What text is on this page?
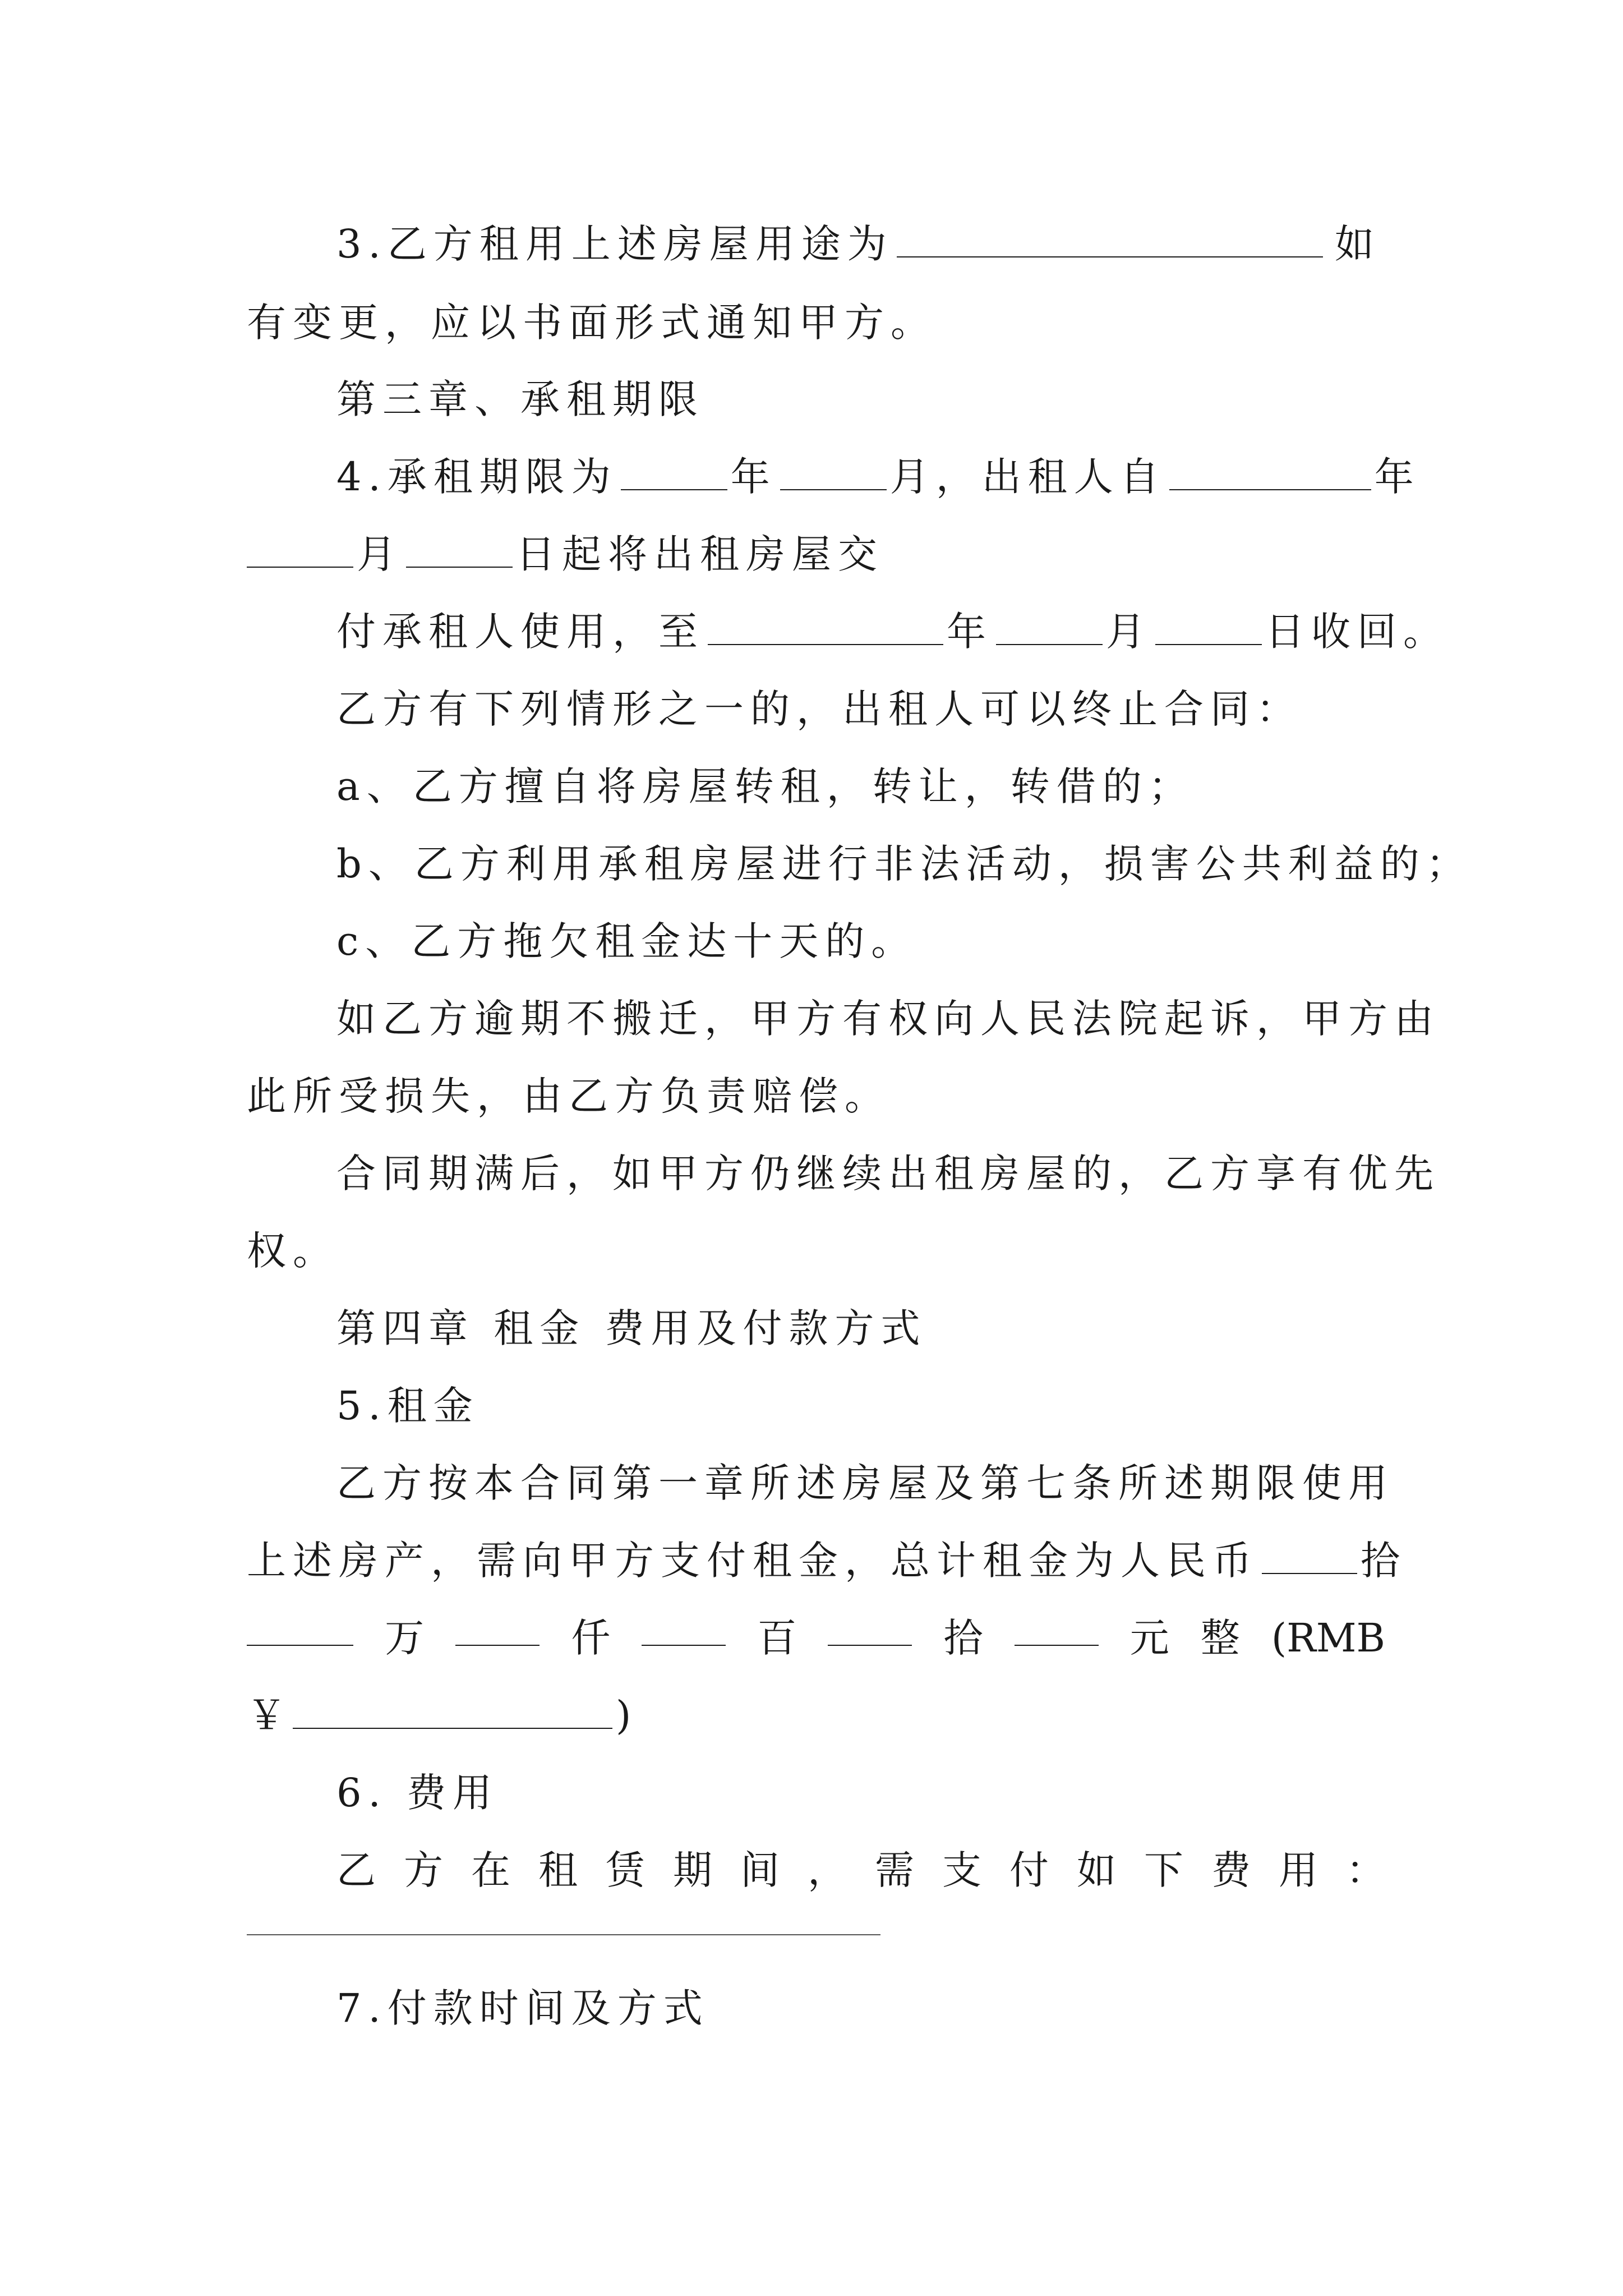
3.乙方租用上述房屋用途为	如
有变更，应以书面形式通知甲方。
第三章、承租期限
4.承租期限为	年	月，出租人自	年
月	日起将出租房屋交
付承租人使用，至	年	月	日收回。
乙方有下列情形之一的，出租人可以终止合同：
a、乙方擅自将房屋转租，转让，转借的；
b、乙方利用承租房屋进行非法活动，损害公共利益的；
c、乙方拖欠租金达十天的。
如乙方逾期不搬迁，甲方有权向人民法院起诉，甲方由
此所受损失，由乙方负责赔偿。
合同期满后，如甲方仍继续出租房屋的，乙方享有优先
权。
第四章 租金 费用及付款方式
5.租金
乙方按本合同第一章所述房屋及第七条所述期限使用
上述房产，需向甲方支付租金，总计租金为人民币	拾
万	仟	百	拾	元 整 (RMB
￥	)
6. 费用
乙 方 在 租 赁 期 间 ， 需 支 付 如 下 费 用 ：
7.付款时间及方式
